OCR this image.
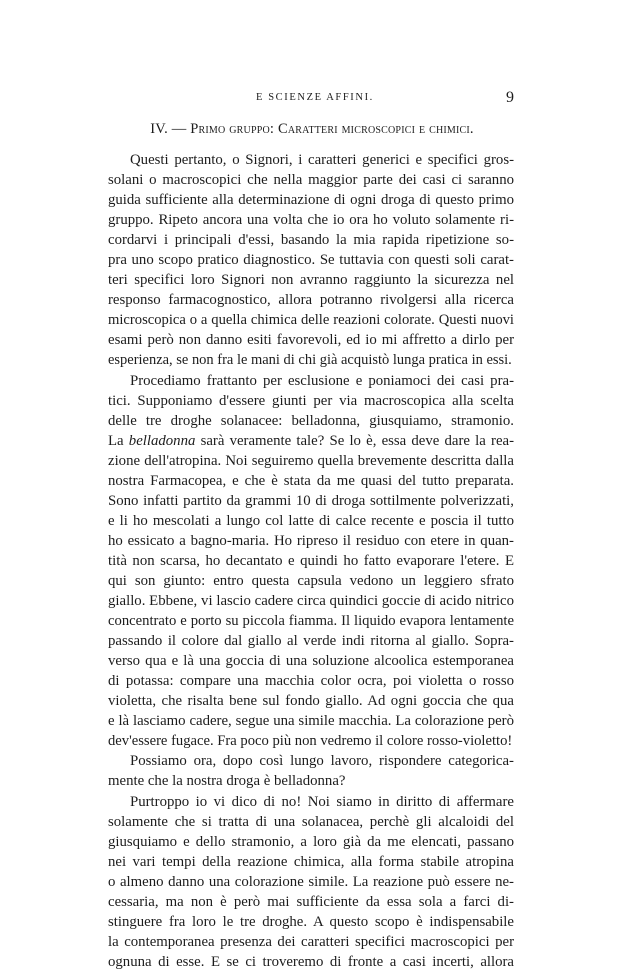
E SCIENZE AFFINI.	9
IV. — Primo gruppo: Caratteri microscopici e chimici.
Questi pertanto, o Signori, i caratteri generici e specifici gros-
solani o macroscopici che nella maggior parte dei casi ci saranno
guida sufficiente alla determinazione di ogni droga di questo primo
gruppo. Ripeto ancora una volta che io ora ho voluto solamente ri-
cordarvi i principali d'essi, basando la mia rapida ripetizione so-
pra uno scopo pratico diagnostico. Se tuttavia con questi soli carat-
teri specifici loro Signori non avranno raggiunto la sicurezza nel
responso farmacognostico, allora potranno rivolgersi alla ricerca
microscopica o a quella chimica delle reazioni colorate. Questi nuovi
esami però non danno esiti favorevoli, ed io mi affretto a dirlo per
esperienza, se non fra le mani di chi già acquistò lunga pratica in essi.
Procediamo frattanto per esclusione e poniamoci dei casi pra-
tici. Supponiamo d'essere giunti per via macroscopica alla scelta
delle tre droghe solanacee: belladonna, giusquiamo, stramonio.
La belladonna sarà veramente tale? Se lo è, essa deve dare la rea-
zione dell'atropina. Noi seguiremo quella brevemente descritta dalla
nostra Farmacopea, e che è stata da me quasi del tutto preparata.
Sono infatti partito da grammi 10 di droga sottilmente polverizzati,
e li ho mescolati a lungo col latte di calce recente e poscia il tutto
ho essicato a bagno-maria. Ho ripreso il residuo con etere in quan-
tità non scarsa, ho decantato e quindi ho fatto evaporare l'etere. E
qui son giunto: entro questa capsula vedono un leggiero sfrato
giallo. Ebbene, vi lascio cadere circa quindici goccie di acido nitrico
concentrato e porto su piccola fiamma. Il liquido evapora lentamente
passando il colore dal giallo al verde indi ritorna al giallo. Sopra-
verso qua e là una goccia di una soluzione alcoolica estemporanea
di potassa: compare una macchia color ocra, poi violetta o rosso
violetta, che risalta bene sul fondo giallo. Ad ogni goccia che qua
e là lasciamo cadere, segue una simile macchia. La colorazione però
dev'essere fugace. Fra poco più non vedremo il colore rosso-violetto!
Possiamo ora, dopo così lungo lavoro, rispondere categorica-
mente che la nostra droga è belladonna?
Purtroppo io vi dico di no! Noi siamo in diritto di affermare
solamente che si tratta di una solanacea, perchè gli alcaloidi del
giusquiamo e dello stramonio, a loro già da me elencati, passano
nei vari tempi della reazione chimica, alla forma stabile atropina
o almeno danno una colorazione simile. La reazione può essere ne-
cessaria, ma non è però mai sufficiente da essa sola a farci di-
stinguere fra loro le tre droghe. A questo scopo è indispensabile
la contemporanea presenza dei caratteri specifici macroscopici per
ognuna di esse. E se ci troveremo di fronte a casi incerti, allora
